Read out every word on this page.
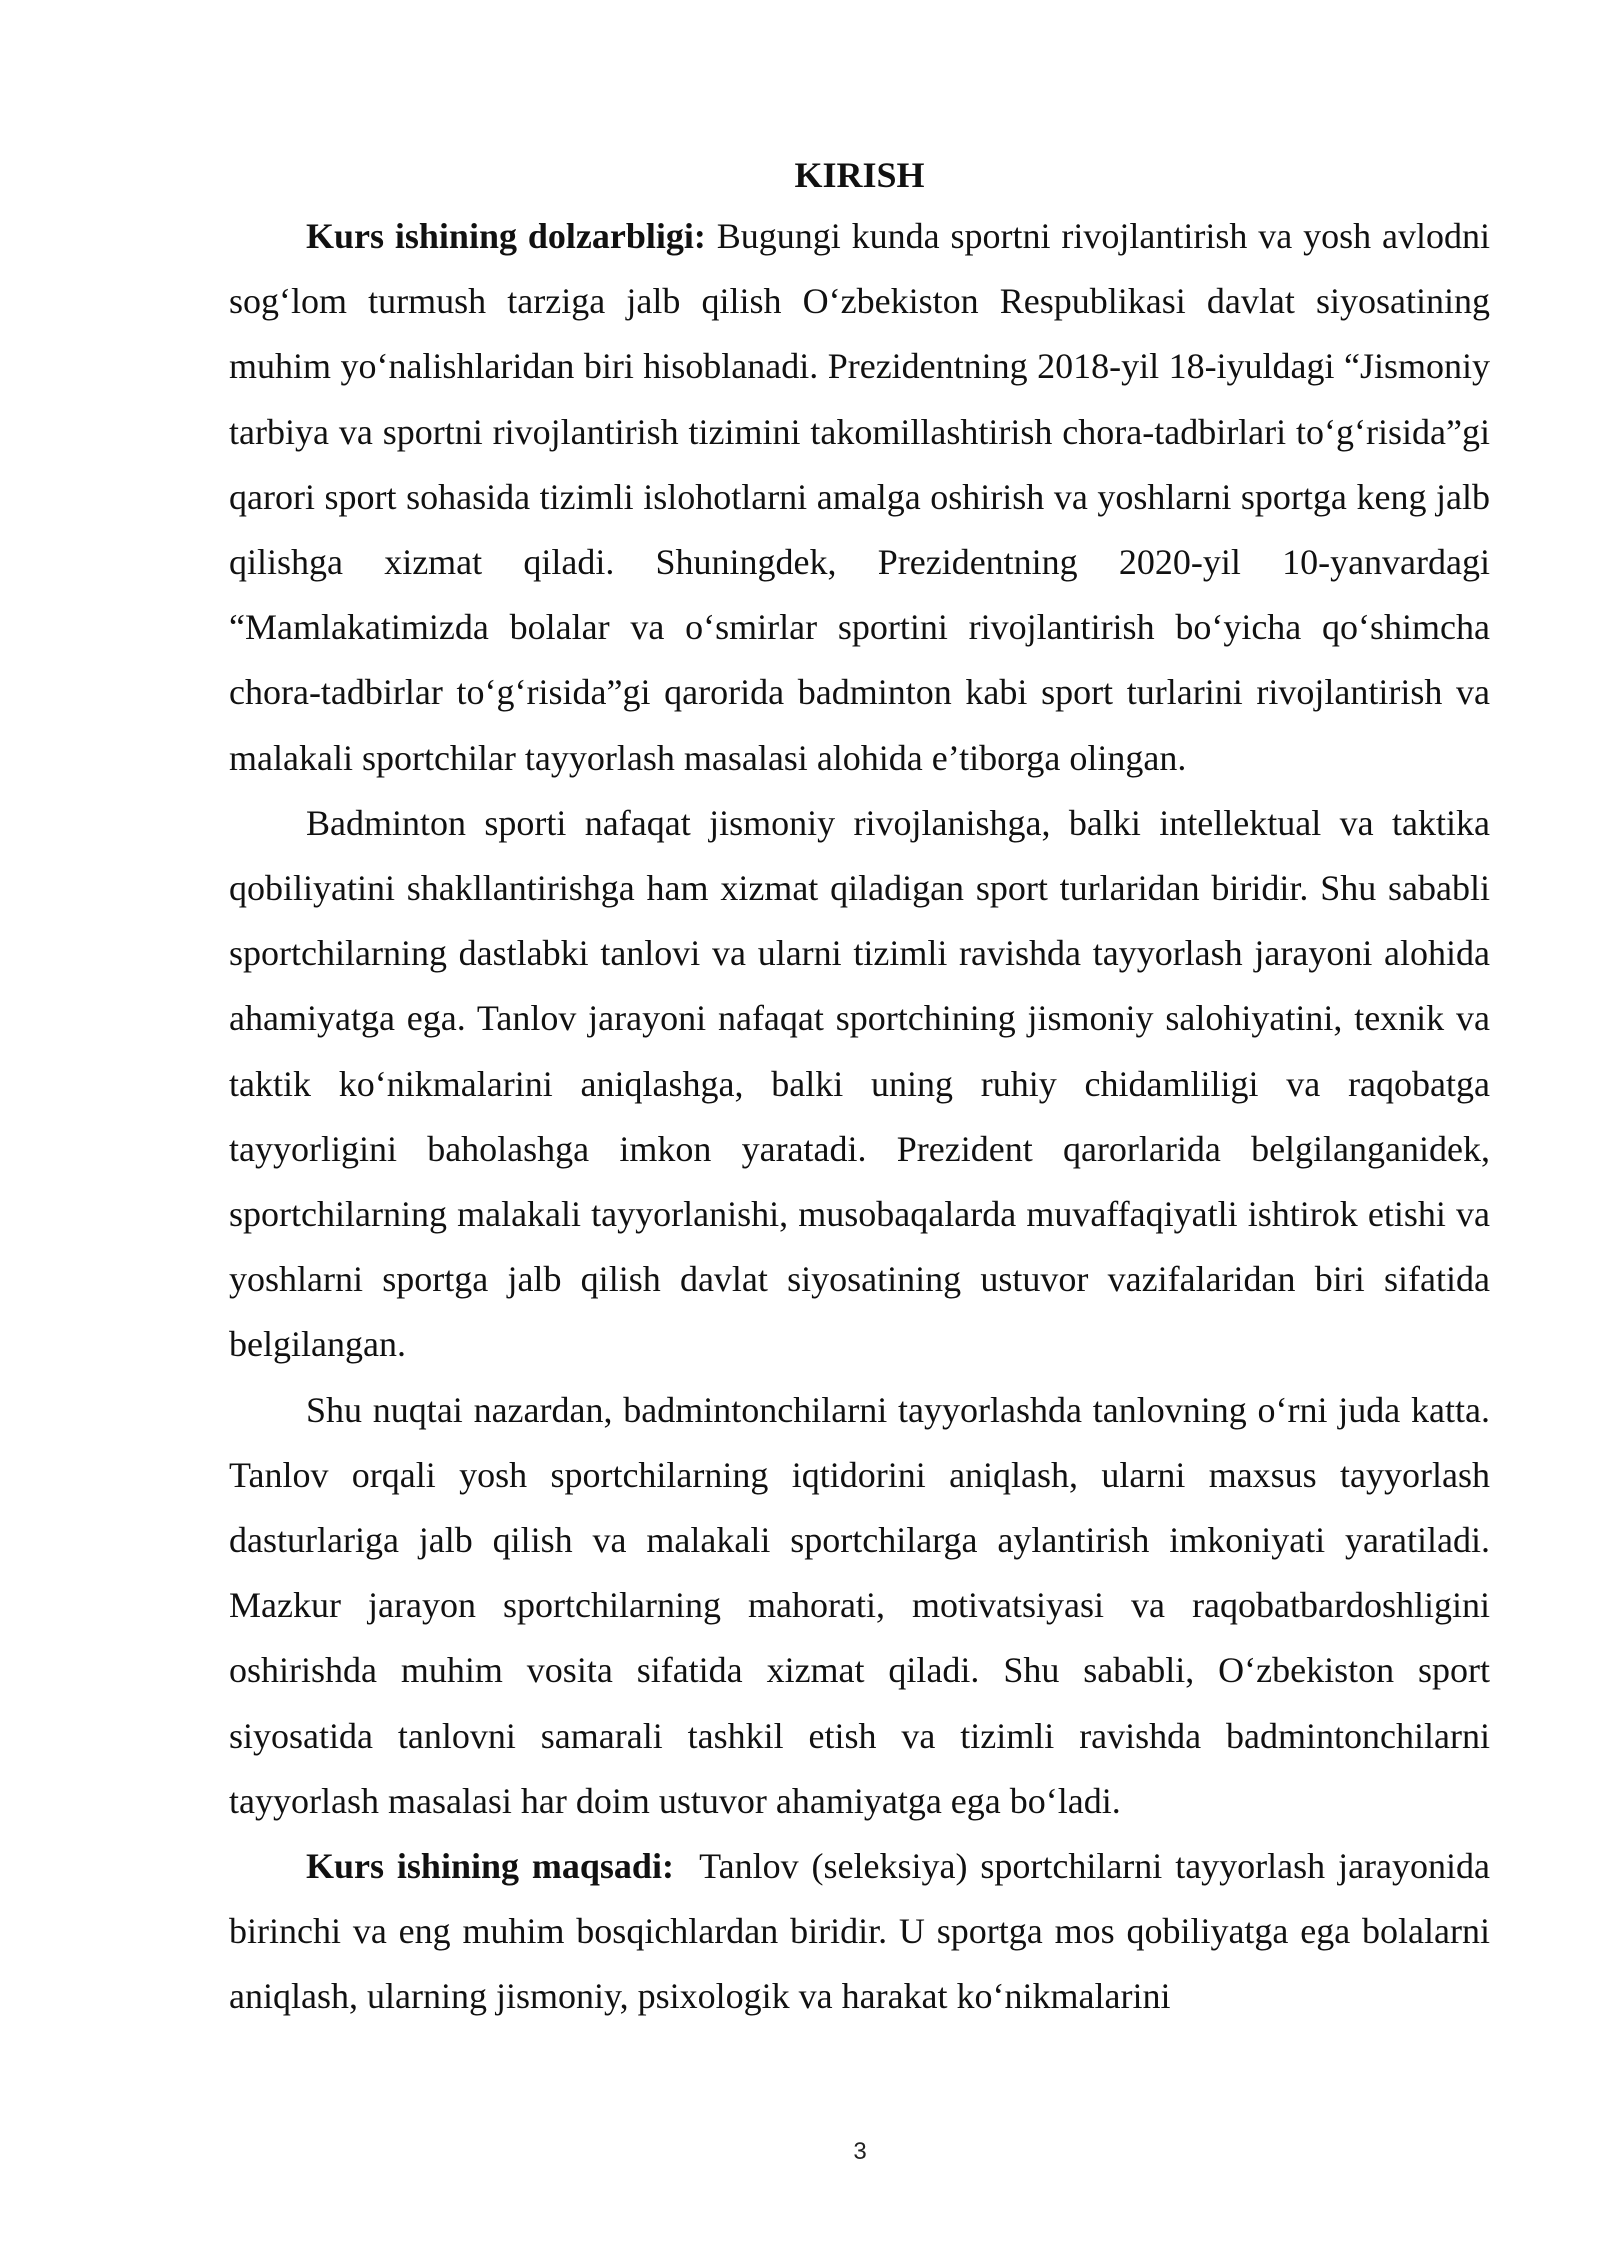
KIRISH

Kurs ishining dolzarbligi: Bugungi kunda sportni rivojlantirish va yosh avlodni sog‘lom turmush tarziga jalb qilish O‘zbekiston Respublikasi davlat siyosatining muhim yo‘nalishlaridan biri hisoblanadi. Prezidentning 2018-yil 18-iyuldagi “Jismoniy tarbiya va sportni rivojlantirish tizimini takomillashtirish chora-tadbirlari to‘g‘risida”gi qarori sport sohasida tizimli islohotlarni amalga oshirish va yoshlarni sportga keng jalb qilishga xizmat qiladi. Shuningdek, Prezidentning 2020-yil 10-yanvardagi “Mamlakatimizda bolalar va o‘smirlar sportini rivojlantirish bo‘yicha qo‘shimcha chora-tadbirlar to‘g‘risida”gi qarorida badminton kabi sport turlarini rivojlantirish va malakali sportchilar tayyorlash masalasi alohida e’tiborga olingan.

Badminton sporti nafaqat jismoniy rivojlanishga, balki intellektual va taktika qobiliyatini shakllantirishga ham xizmat qiladigan sport turlaridan biridir. Shu sababli sportchilarning dastlabki tanlovi va ularni tizimli ravishda tayyorlash jarayoni alohida ahamiyatga ega. Tanlov jarayoni nafaqat sportchining jismoniy salohiyatini, texnik va taktik ko‘nikmalarini aniqlashga, balki uning ruhiy chidamliligi va raqobatga tayyorligini baholashga imkon yaratadi. Prezident qarorlarida belgilanganidek, sportchilarning malakali tayyorlanishi, musobaqalarda muvaffaqiyatli ishtirok etishi va yoshlarni sportga jalb qilish davlat siyosatining ustuvor vazifalaridan biri sifatida belgilangan.

Shu nuqtai nazardan, badmintonchilarni tayyorlashda tanlovning o‘rni juda katta. Tanlov orqali yosh sportchilarning iqtidorini aniqlash, ularni maxsus tayyorlash dasturlariga jalb qilish va malakali sportchilarga aylantirish imkoniyati yaratiladi. Mazkur jarayon sportchilarning mahorati, motivatsiyasi va raqobatbardoshligini oshirishda muhim vosita sifatida xizmat qiladi. Shu sababli, O‘zbekiston sport siyosatida tanlovni samarali tashkil etish va tizimli ravishda badmintonchilarni tayyorlash masalasi har doim ustuvor ahamiyatga ega bo‘ladi.

Kurs ishining maqsadi:  Tanlov (seleksiya) sportchilarni tayyorlash jarayonida birinchi va eng muhim bosqichlardan biridir. U sportga mos qobiliyatga ega bolalarni aniqlash, ularning jismoniy, psixologik va harakat ko‘nikmalarini

3
